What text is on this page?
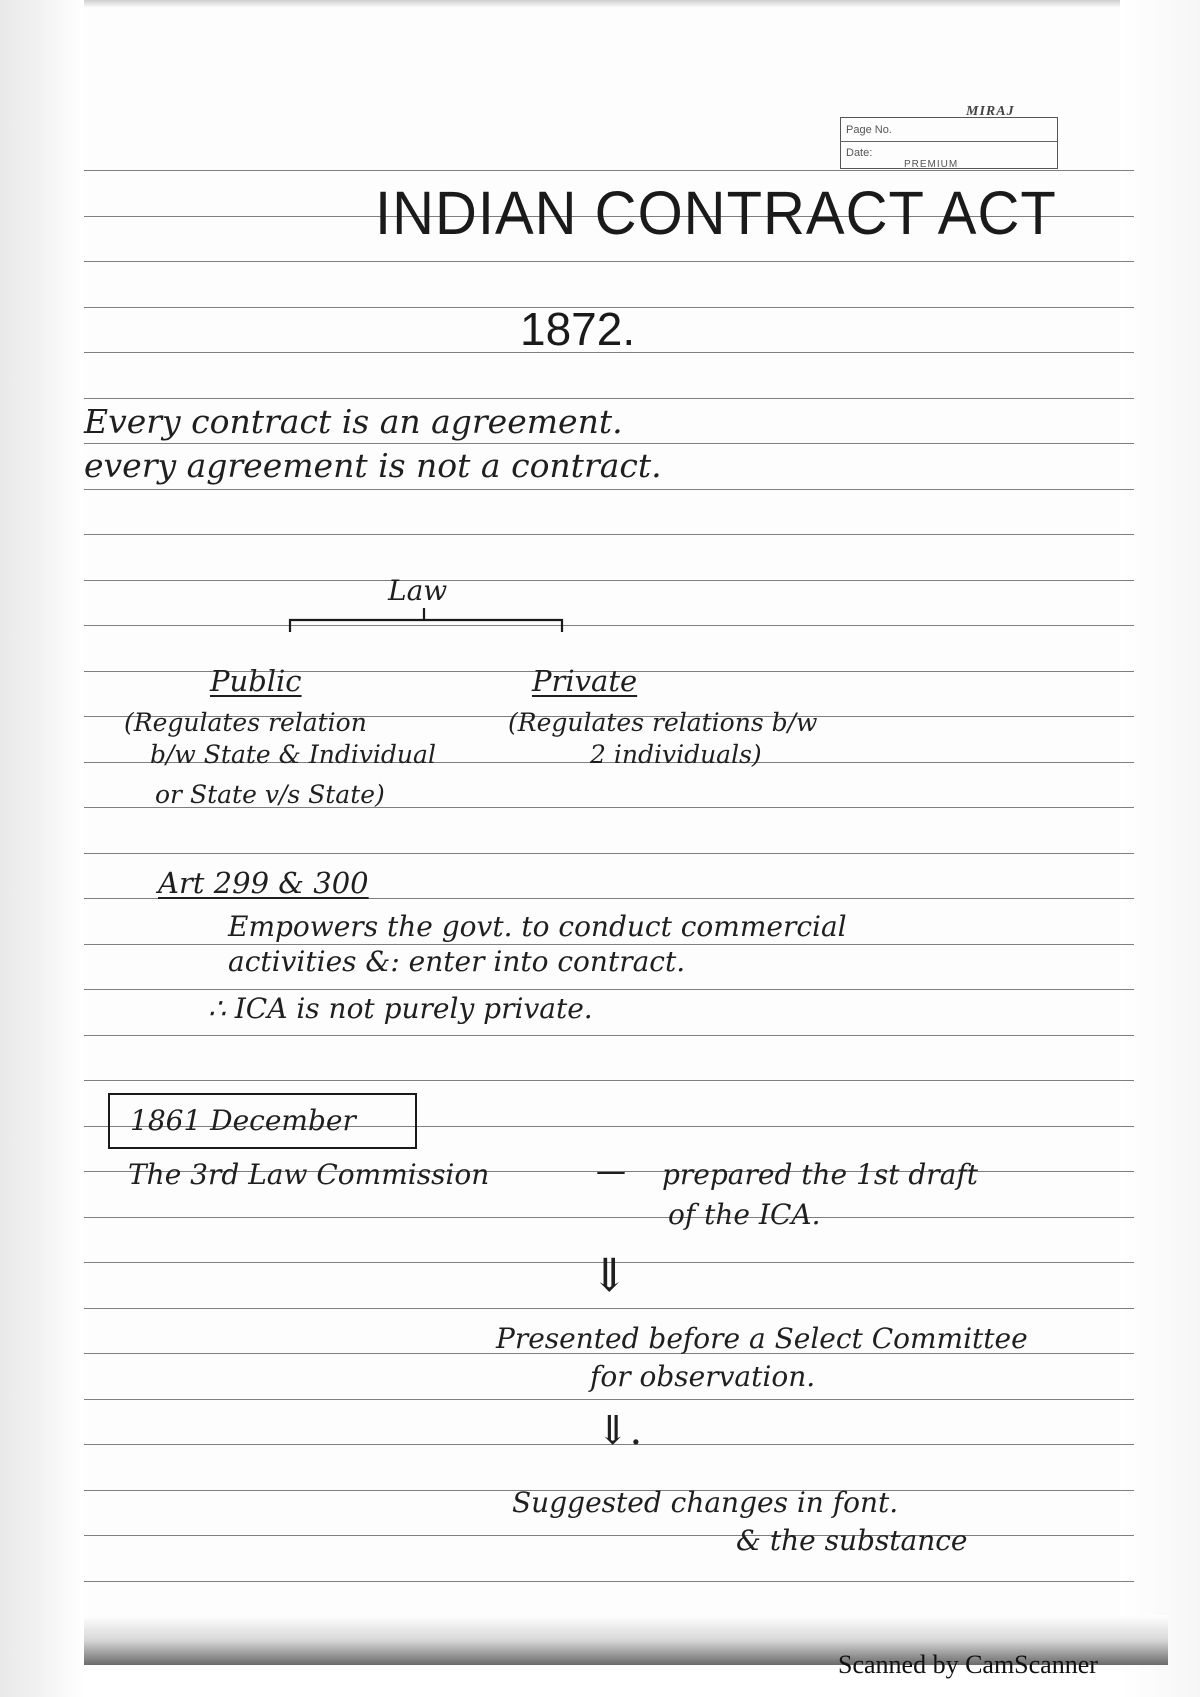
Page No.
Date:
MIRAJ
PREMIUM
INDIAN CONTRACT ACT
1872.
Every contract is an agreement.
every agreement is not a contract.
Law
Public	Private
(Regulates relation
b/w State & Individual
or State v/s State)
(Regulates relations b/w
2 individuals)
Art 299 & 300
Empowers the govt. to conduct commercial
activities &: enter into contract.
∴ ICA is not purely private.
1861 December
The 3rd Law Commission	— prepared the 1st draft
of the ICA.
⇓
Presented before a Select Committee
for observation.
⇓.
Suggested changes in font.
& the substance
Scanned by CamScanner
